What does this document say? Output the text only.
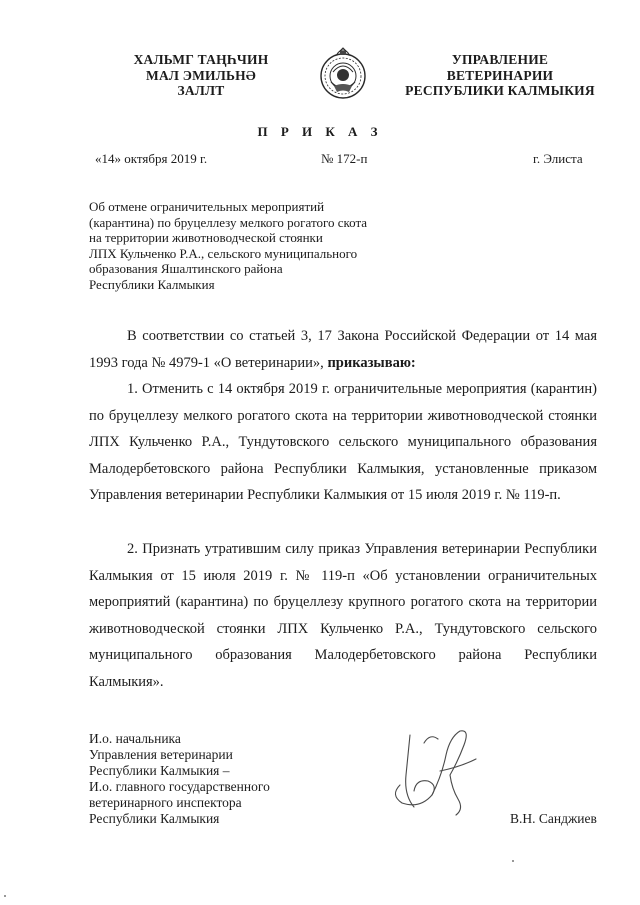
ХАЛЬМГ ТАҢҺЧИН
МАЛ ЭМИЛЬНӘ
ЗАЛЛТ
УПРАВЛЕНИЕ
ВЕТЕРИНАРИИ
РЕСПУБЛИКИ КАЛМЫКИЯ
П Р И К А З
«14» октября 2019 г.	№ 172-п	г. Элиста
Об отмене ограничительных мероприятий
(карантина) по бруцеллезу мелкого рогатого скота
на территории животноводческой стоянки
ЛПХ Кульченко Р.А., сельского муниципального
образования Яшалтинского района
Республики Калмыкия

В соответствии со статьей 3, 17 Закона Российской Федерации от 14 мая 1993 года № 4979-1 «О ветеринарии», приказываю:

1. Отменить с 14 октября 2019 г. ограничительные мероприятия (карантин) по бруцеллезу мелкого рогатого скота на территории животноводческой стоянки ЛПХ Кульченко Р.А., Тундутовского сельского муниципального образования Малодербетовского района Республики Калмыкия, установленные приказом Управления ветеринарии Республики Калмыкия от 15 июля 2019 г. № 119-п.

2. Признать утратившим силу приказ Управления ветеринарии Республики Калмыкия от 15 июля 2019 г. № 119-п «Об установлении ограничительных мероприятий (карантина) по бруцеллезу крупного рогатого скота на территории животноводческой стоянки ЛПХ Кульченко Р.А., Тундутовского сельского муниципального образования Малодербетовского района Республики Калмыкия».

И.о. начальника
Управления ветеринарии
Республики Калмыкия –
И.о. главного государственного
ветеринарного инспектора
Республики Калмыкия	В.Н. Санджиев
